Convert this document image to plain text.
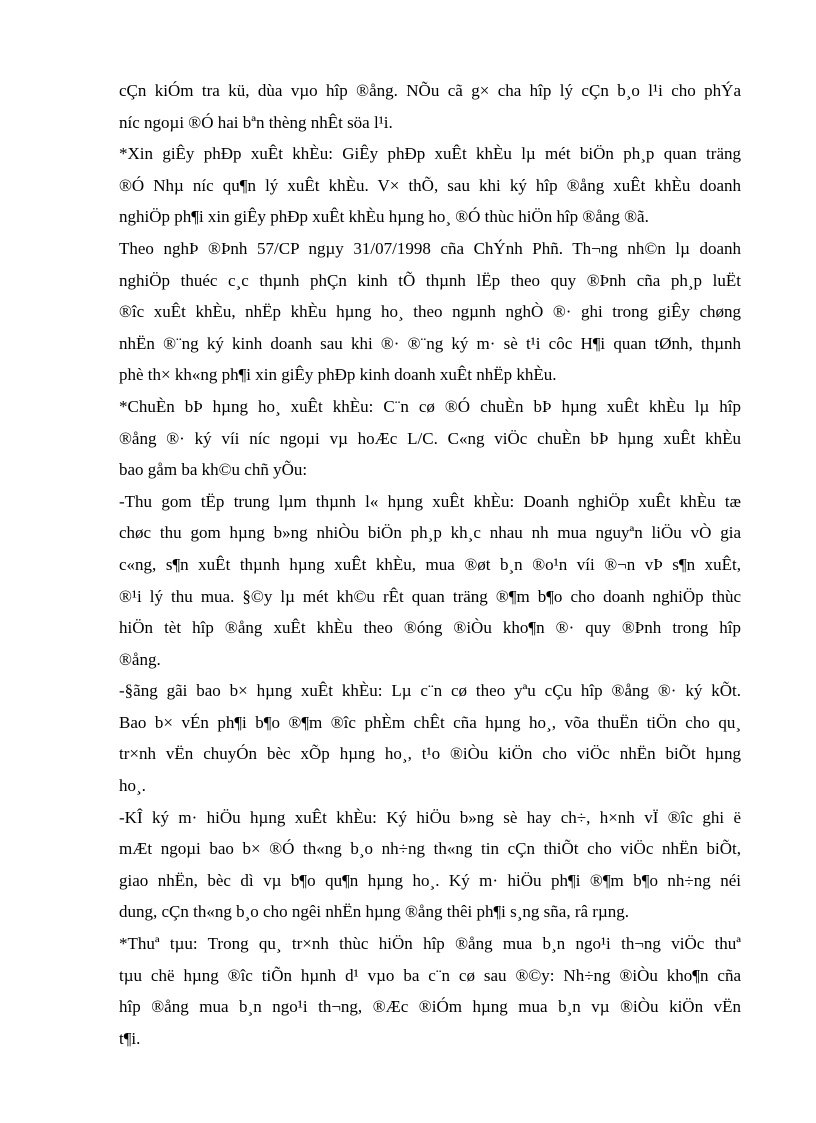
cÇn kiÓm tra kü, dùa vµo hîp ®ång. NÕu cã g× cha hîp lý cÇn b¸o l¹i cho phÝa
níc ngoµi ®Ó hai bªn thèng nhÊt söa l¹i.
*Xin giÊy phÐp xuÊt khÈu: GiÊy phÐp xuÊt khÈu lµ mét biÖn ph¸p quan träng
®Ó Nhµ níc qu¶n lý xuÊt khÈu. V× thÕ, sau khi ký hîp ®ång xuÊt khÈu doanh
nghiÖp ph¶i xin giÊy phÐp xuÊt khÈu hµng ho¸ ®Ó thùc hiÖn hîp ®ång ®ã.
Theo nghÞ ®Þnh 57/CP ngµy 31/07/1998 cña ChÝnh Phñ. Th¬ng nh©n lµ doanh
nghiÖp thuéc c¸c thµnh phÇn kinh tÕ thµnh lËp theo quy ®Þnh cña ph¸p luËt
®îc xuÊt khÈu, nhËp khÈu hµng ho¸ theo ngµnh nghÒ ®· ghi trong giÊy chøng
nhËn ®¨ng ký kinh doanh sau khi ®· ®¨ng ký m· sè t¹i côc H¶i quan tØnh, thµnh
phè th× kh«ng ph¶i xin giÊy phÐp kinh doanh xuÊt nhËp khÈu.
*ChuÈn bÞ hµng ho¸ xuÊt khÈu: C¨n cø ®Ó chuÈn bÞ hµng xuÊt khÈu lµ hîp
®ång ®· ký víi níc ngoµi vµ hoÆc L/C. C«ng viÖc chuÈn bÞ hµng xuÊt khÈu
bao gåm ba kh©u chñ yÕu:
-Thu gom tËp trung lµm thµnh l« hµng xuÊt khÈu: Doanh nghiÖp xuÊt khÈu tæ
chøc thu gom hµng b»ng nhiÒu biÖn ph¸p kh¸c nhau nh mua nguyªn liÖu vÒ gia
c«ng, s¶n xuÊt thµnh hµng xuÊt khÈu, mua ®øt b¸n ®o¹n víi ®¬n vÞ s¶n xuÊt,
®¹i lý thu mua. §©y lµ mét kh©u rÊt quan träng ®¶m b¶o cho doanh nghiÖp thùc
hiÖn tèt hîp ®ång xuÊt khÈu theo ®óng ®iÒu kho¶n ®· quy ®Þnh trong hîp
®ång.
-§ãng gãi bao b× hµng xuÊt khÈu: Lµ c¨n cø theo yªu cÇu hîp ®ång ®· ký kÕt.
Bao b× vÉn ph¶i b¶o ®¶m ®îc phÈm chÊt cña hµng ho¸, võa thuËn tiÖn cho qu¸
tr×nh vËn chuyÓn bèc xÕp hµng ho¸, t¹o ®iÒu kiÖn cho viÖc nhËn biÕt hµng
ho¸.
-KÎ ký m· hiÖu hµng xuÊt khÈu: Ký hiÖu b»ng sè hay ch÷, h×nh vÏ ®îc ghi ë
mÆt ngoµi bao b× ®Ó th«ng b¸o nh÷ng th«ng tin cÇn thiÕt cho viÖc nhËn biÕt,
giao nhËn, bèc dì vµ b¶o qu¶n hµng ho¸. Ký m· hiÖu ph¶i ®¶m b¶o nh÷ng néi
dung, cÇn th«ng b¸o cho ngêi nhËn hµng ®ång thêi ph¶i s¸ng sña, râ rµng.
*Thuª tµu: Trong qu¸ tr×nh thùc hiÖn hîp ®ång mua b¸n ngo¹i th¬ng viÖc thuª
tµu chë hµng ®îc tiÕn hµnh d¹ vµo ba c¨n cø sau ®©y: Nh÷ng ®iÒu kho¶n cña
hîp ®ång mua b¸n ngo¹i th¬ng, ®Æc ®iÓm hµng mua b¸n vµ ®iÒu kiÖn vËn
t¶i.
